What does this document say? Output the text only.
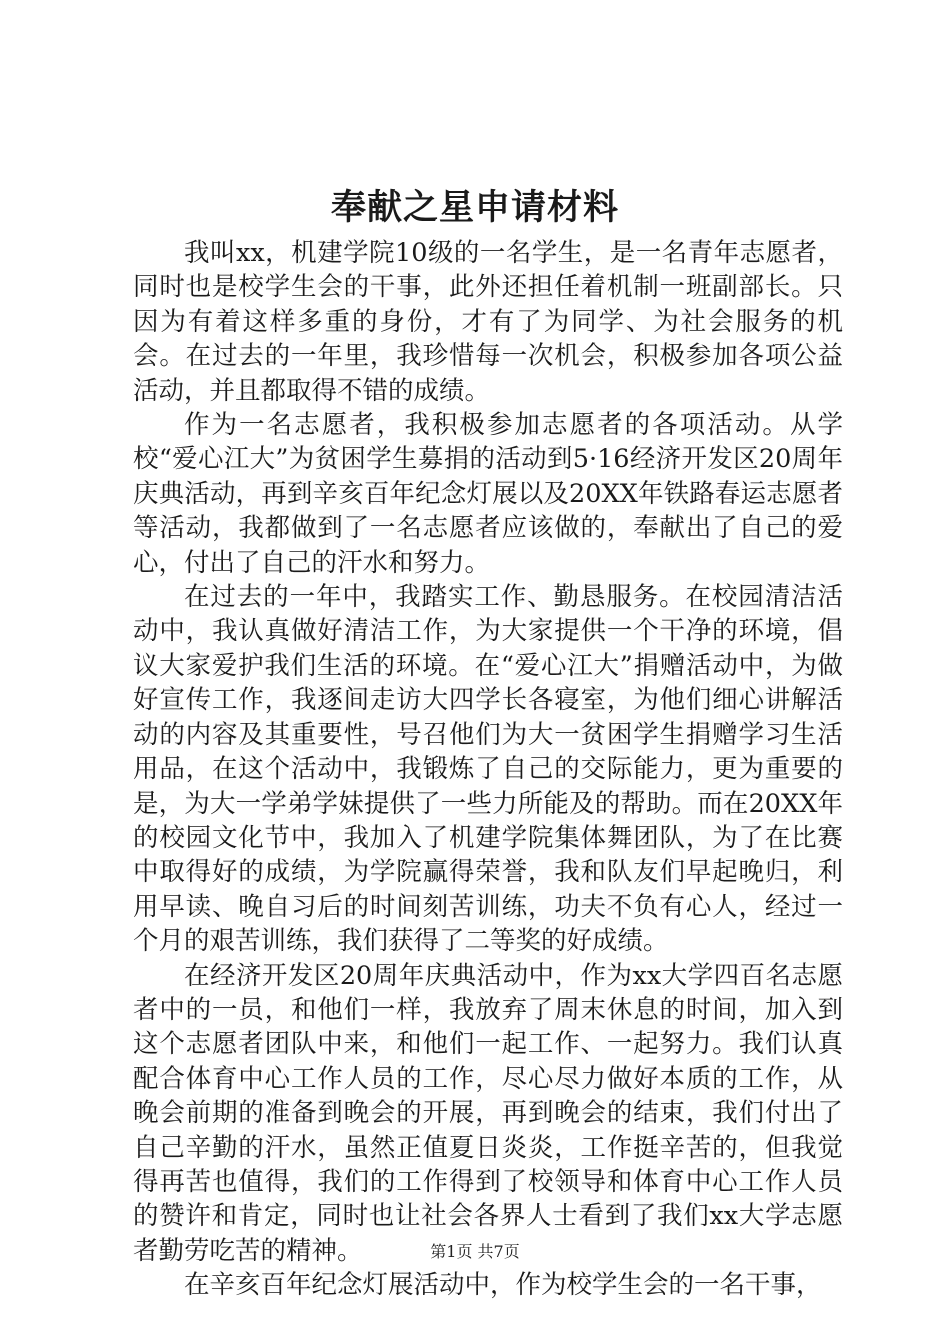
奉献之星申请材料

我叫xx，机建学院10级的一名学生，是一名青年志愿者，同时也是校学生会的干事，此外还担任着机制一班副部长。只因为有着这样多重的身份，才有了为同学、为社会服务的机会。在过去的一年里，我珍惜每一次机会，积极参加各项公益活动，并且都取得不错的成绩。

作为一名志愿者，我积极参加志愿者的各项活动。从学校“爱心江大”为贫困学生募捐的活动到5·16经济开发区20周年庆典活动，再到辛亥百年纪念灯展以及20XX年铁路春运志愿者等活动，我都做到了一名志愿者应该做的，奉献出了自己的爱心，付出了自己的汗水和努力。

在过去的一年中，我踏实工作、勤恳服务。在校园清洁活动中，我认真做好清洁工作，为大家提供一个干净的环境，倡议大家爱护我们生活的环境。在“爱心江大”捐赠活动中，为做好宣传工作，我逐间走访大四学长各寝室，为他们细心讲解活动的内容及其重要性，号召他们为大一贫困学生捐赠学习生活用品，在这个活动中，我锻炼了自己的交际能力，更为重要的是，为大一学弟学妹提供了一些力所能及的帮助。而在20XX年的校园文化节中，我加入了机建学院集体舞团队，为了在比赛中取得好的成绩，为学院赢得荣誉，我和队友们早起晚归，利用早读、晚自习后的时间刻苦训练，功夫不负有心人，经过一个月的艰苦训练，我们获得了二等奖的好成绩。

在经济开发区20周年庆典活动中，作为xx大学四百名志愿者中的一员，和他们一样，我放弃了周末休息的时间，加入到这个志愿者团队中来，和他们一起工作、一起努力。我们认真配合体育中心工作人员的工作，尽心尽力做好本质的工作，从晚会前期的准备到晚会的开展，再到晚会的结束，我们付出了自己辛勤的汗水，虽然正值夏日炎炎，工作挺辛苦的，但我觉得再苦也值得，我们的工作得到了校领导和体育中心工作人员的赞许和肯定，同时也让社会各界人士看到了我们xx大学志愿者勤劳吃苦的精神。

在辛亥百年纪念灯展活动中，作为校学生会的一名干事，

第1页 共7页
